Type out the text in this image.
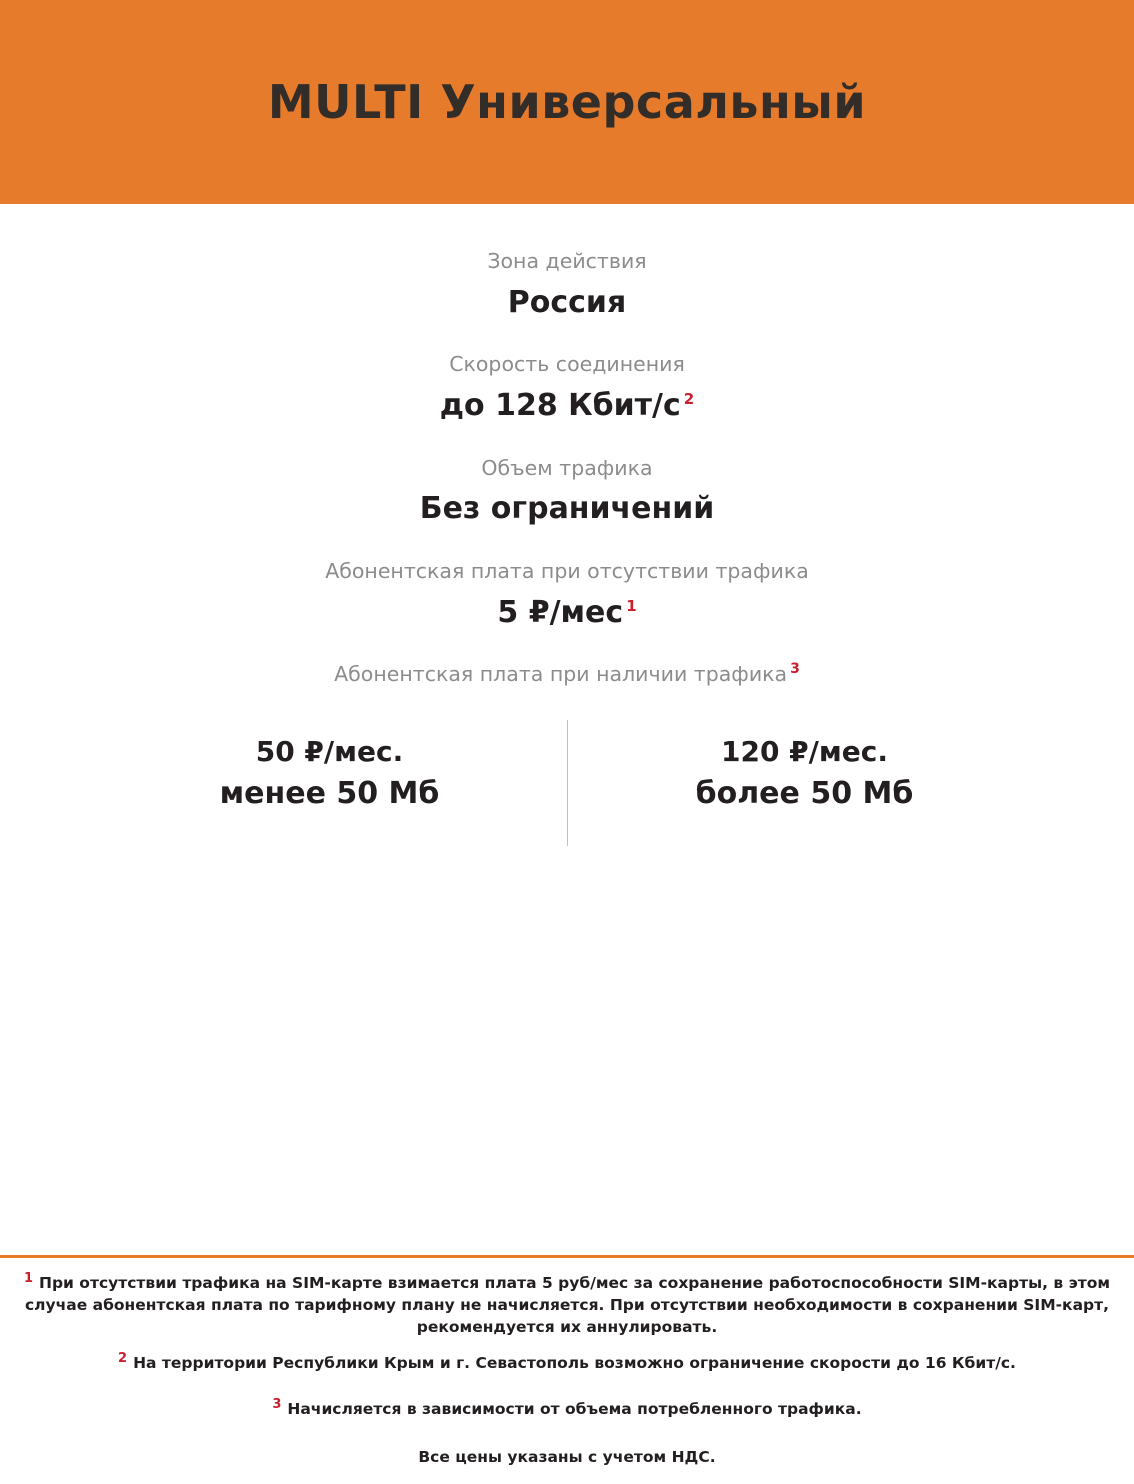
MULTI Универсальный
Зона действия
Россия
Скорость соединения
до 128 Кбит/с $^2$
Объем трафика
Без ограничений
Абонентская плата при отсутствии трафика
5 ₽/мес $^1$
Абонентская плата при наличии трафика $^3$
50 ₽/мес.
менее 50 Мб
120 ₽/мес.
более 50 Мб
$^1$ При отсутствии трафика на SIM-карте взимается плата 5 руб/мес за сохранение работоспособности SIM-карты, в этом случае абонентская плата по тарифному плану не начисляется. При отсутствии необходимости в сохранении SIM-карт, рекомендуется их аннулировать.
$^2$ На территории Республики Крым и г. Севастополь возможно ограничение скорости до 16 Кбит/с.
$^3$ Начисляется в зависимости от объема потребленного трафика.
Все цены указаны с учетом НДС.
